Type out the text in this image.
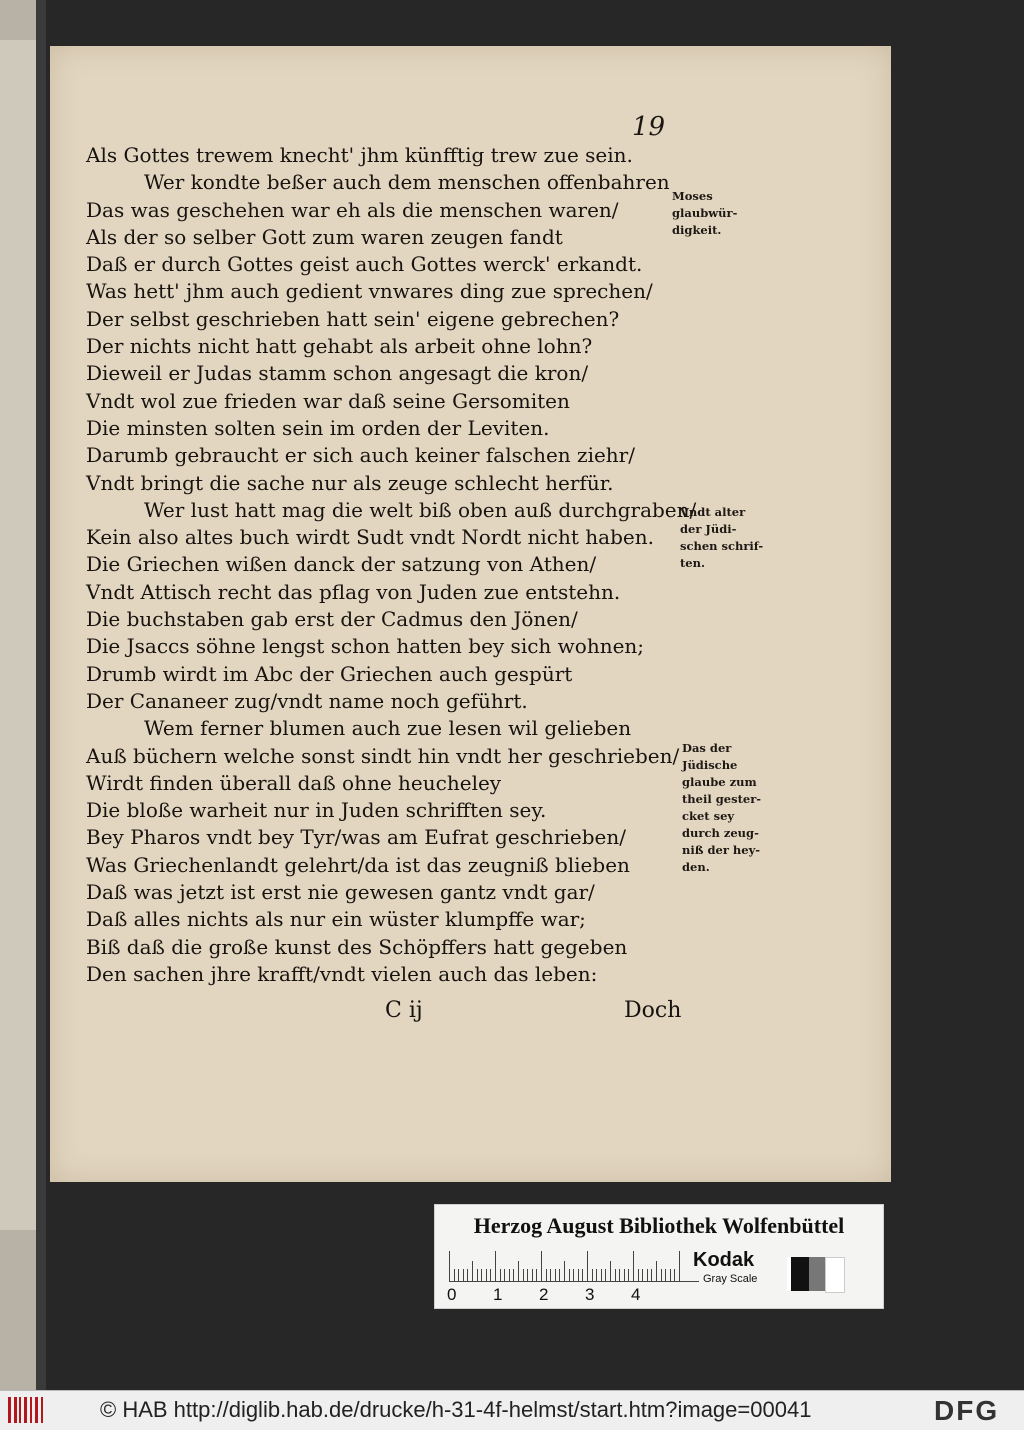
19
Als Gottes trewem knecht' jhm künfftig trew zue sein.
Wer kondte beßer auch dem menschen offenbahren
Das was geschehen war eh als die menschen waren/
Als der so selber Gott zum waren zeugen fandt
Daß er durch Gottes geist auch Gottes werck' erkandt.
Was hett' jhm auch gedient vnwares ding zue sprechen/
Der selbst geschrieben hatt sein' eigene gebrechen?
Der nichts nicht hatt gehabt als arbeit ohne lohn?
Dieweil er Judas stamm schon angesagt die kron/
Vndt wol zue frieden war daß seine Gersomiten
Die minsten solten sein im orden der Leviten.
Darumb gebraucht er sich auch keiner falschen ziehr/
Vndt bringt die sache nur als zeuge schlecht herfür.
Wer lust hatt mag die welt biß oben auß durchgraben/
Kein also altes buch wirdt Sudt vndt Nordt nicht haben.
Die Griechen wißen danck der satzung von Athen/
Vndt Attisch recht das pflag von Juden zue entstehn.
Die buchstaben gab erst der Cadmus den Jönen/
Die Jsaccs söhne lengst schon hatten bey sich wohnen;
Drumb wirdt im Abc der Griechen auch gespürt
Der Cananeer zug/vndt name noch geführt.
Wem ferner blumen auch zue lesen wil gelieben
Auß büchern welche sonst sindt hin vndt her geschrieben/
Wirdt finden überall daß ohne heucheley
Die bloße warheit nur in Juden schrifften sey.
Bey Pharos vndt bey Tyr/was am Eufrat geschrieben/
Was Griechenlandt gelehrt/da ist das zeugniß blieben
Daß was jetzt ist erst nie gewesen gantz vndt gar/
Daß alles nichts als nur ein wüster klumpffe war;
Biß daß die große kunst des Schöpffers hatt gegeben
Den sachen jhre krafft/vndt vielen auch das leben:
Moses
glaubwür-
digkeit.
Vndt alter
der Jüdi-
schen schrif-
ten.
Das der
Jüdische
glaube zum
theil gester-
cket sey
durch zeug-
niß der hey-
den.
C ij	Doch
Herzog August Bibliothek Wolfenbüttel
0 1 2 3 4
Kodak
Gray Scale
© HAB http://diglib.hab.de/drucke/h-31-4f-helmst/start.htm?image=00041	DFG
